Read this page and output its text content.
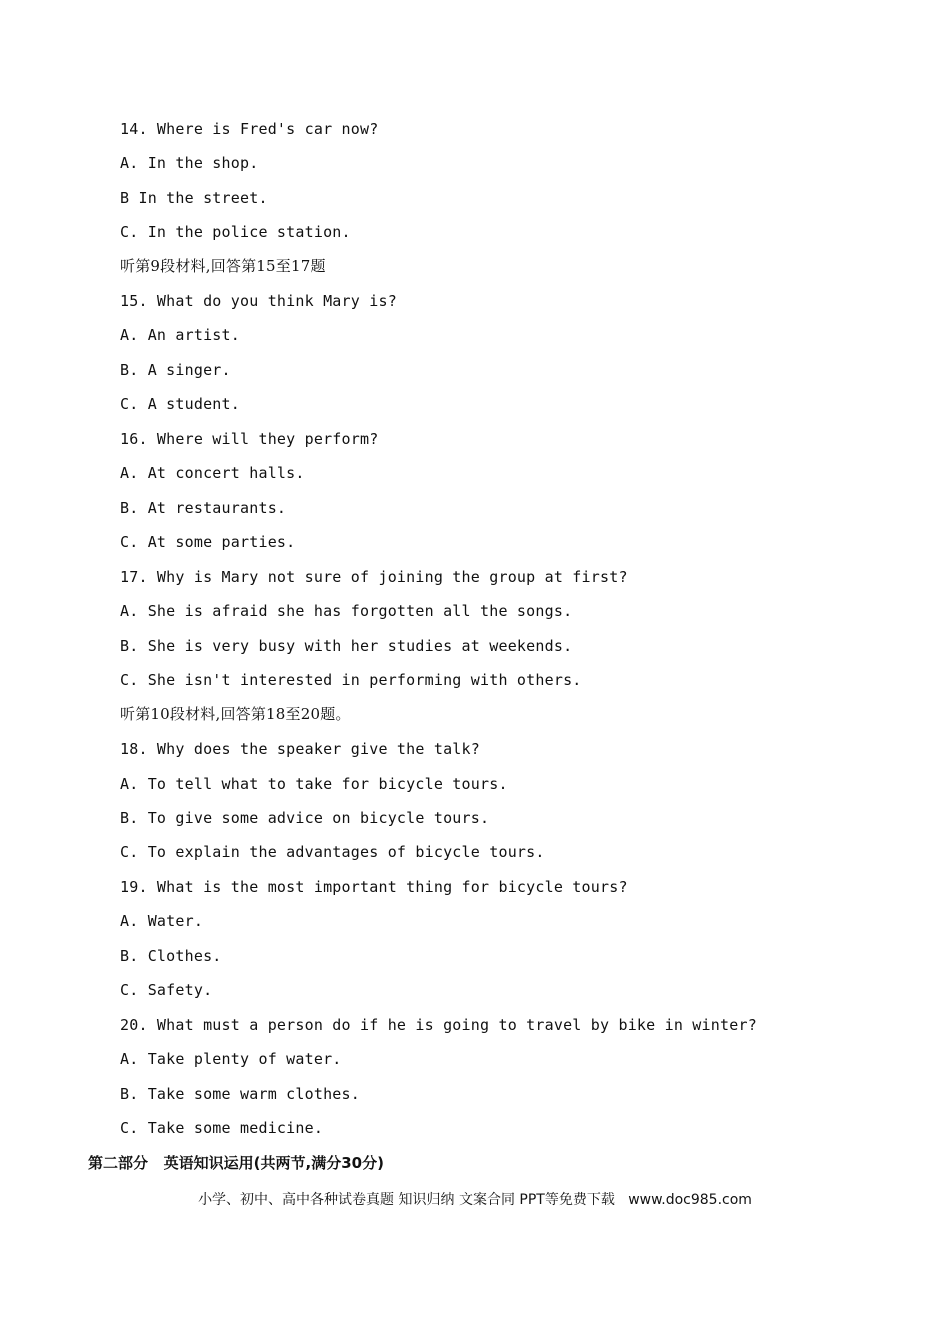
14. Where is Fred's car now?
A. In the shop.
B In the street.
C. In the police station.
听第9段材料,回答第15至17题
15. What do you think Mary is?
A. An artist.
B. A singer.
C. A student.
16. Where will they perform?
A. At concert halls.
B. At restaurants.
C. At some parties.
17. Why is Mary not sure of joining the group at first?
A. She is afraid she has forgotten all the songs.
B. She is very busy with her studies at weekends.
C. She isn't interested in performing with others.
听第10段材料,回答第18至20题。
18. Why does the speaker give the talk?
A. To tell what to take for bicycle tours.
B. To give some advice on bicycle tours.
C. To explain the advantages of bicycle tours.
19. What is the most important thing for bicycle tours?
A. Water.
B. Clothes.
C. Safety.
20. What must a person do if he is going to travel by bike in winter?
A. Take plenty of water.
B. Take some warm clothes.
C. Take some medicine.
第二部分   英语知识运用(共两节,满分30分)
小学、初中、高中各种试卷真题 知识归纳 文案合同 PPT等免费下载   www.doc985.com
